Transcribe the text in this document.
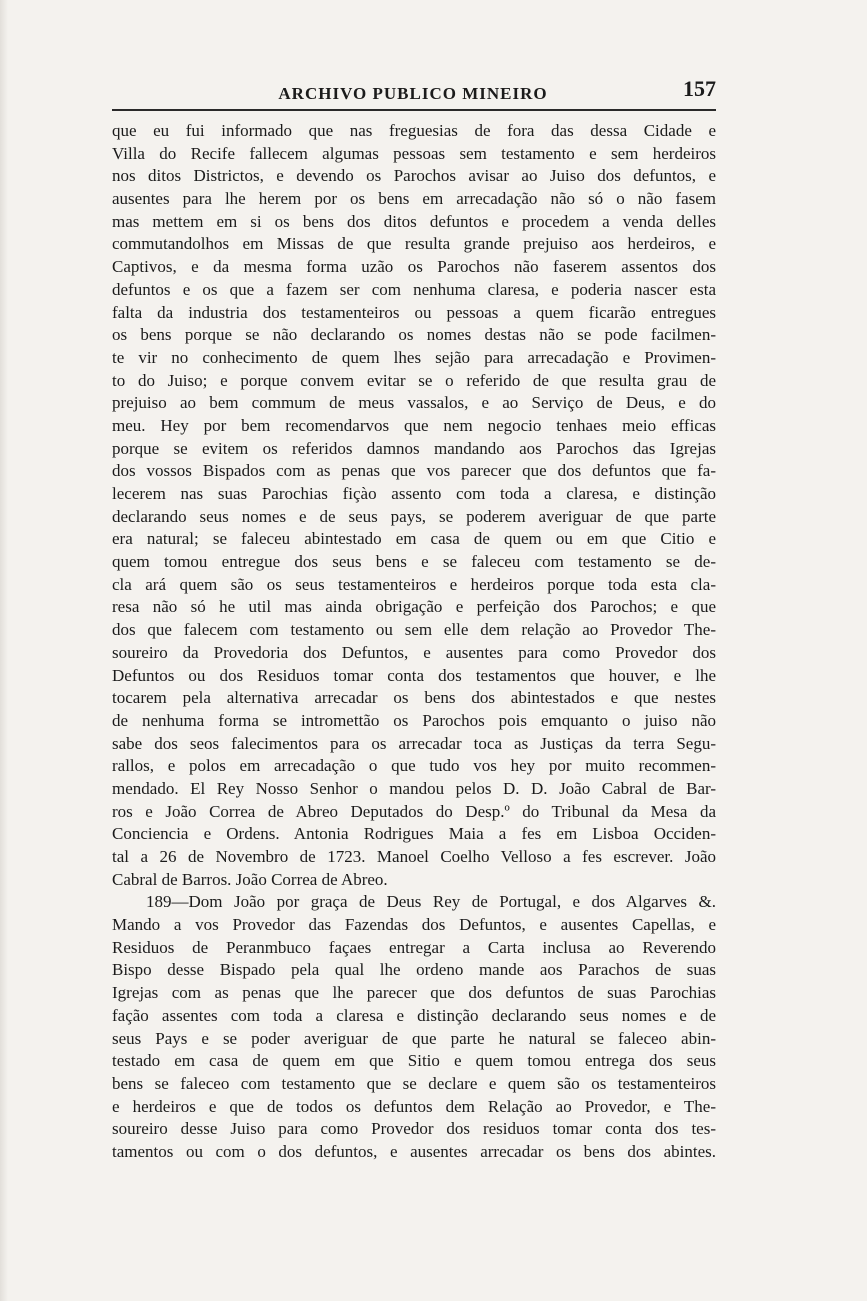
ARCHIVO PUBLICO MINEIRO	157
que eu fui informado que nas freguesias de fora das dessa Cidade e
Villa do Recife fallecem algumas pessoas sem testamento e sem herdeiros
nos ditos Districtos, e devendo os Parochos avisar ao Juiso dos defuntos, e
ausentes para lhe herem por os bens em arrecadação não só o não fasem
mas mettem em si os bens dos ditos defuntos e procedem a venda delles
commutandolhos em Missas de que resulta grande prejuiso aos herdeiros, e
Captivos, e da mesma forma uzão os Parochos não faserem assentos dos
defuntos e os que a fazem ser com nenhuma claresa, e poderia nascer esta
falta da industria dos testamenteiros ou pessoas a quem ficarão entregues
os bens porque se não declarando os nomes destas não se pode facilmen-
te vir no conhecimento de quem lhes sejão para arrecadação e Provimen-
to do Juiso; e porque convem evitar se o referido de que resulta grau de
prejuiso ao bem commum de meus vassalos, e ao Serviço de Deus, e do
meu. Hey por bem recomendarvos que nem negocio tenhaes meio efficas
porque se evitem os referidos damnos mandando aos Parochos das Igrejas
dos vossos Bispados com as penas que vos parecer que dos defuntos que fa-
lecerem nas suas Parochias fiçào assento com toda a claresa, e distinção
declarando seus nomes e de seus pays, se poderem averiguar de que parte
era natural; se faleceu abintestado em casa de quem ou em que Citio e
quem tomou entregue dos seus bens e se faleceu com testamento se de-
cla ará quem são os seus testamenteiros e herdeiros porque toda esta cla-
resa não só he util mas ainda obrigação e perfeição dos Parochos; e que
dos que falecem com testamento ou sem elle dem relação ao Provedor The-
soureiro da Provedoria dos Defuntos, e ausentes para como Provedor dos
Defuntos ou dos Residuos tomar conta dos testamentos que houver, e lhe
tocarem pela alternativa arrecadar os bens dos abintestados e que nestes
de nenhuma forma se intromettão os Parochos pois emquanto o juiso não
sabe dos seos falecimentos para os arrecadar toca as Justiças da terra Segu-
rallos, e polos em arrecadação o que tudo vos hey por muito recommen-
mendado. El Rey Nosso Senhor o mandou pelos D. D. João Cabral de Bar-
ros e João Correa de Abreo Deputados do Desp.º do Tribunal da Mesa da
Conciencia e Ordens. Antonia Rodrigues Maia a fes em Lisboa Occiden-
tal a 26 de Novembro de 1723. Manoel Coelho Velloso a fes escrever. João
Cabral de Barros. João Correa de Abreo.
189—Dom João por graça de Deus Rey de Portugal, e dos Algarves &.
Mando a vos Provedor das Fazendas dos Defuntos, e ausentes Capellas, e
Residuos de Peranmbuco façaes entregar a Carta inclusa ao Reverendo
Bispo desse Bispado pela qual lhe ordeno mande aos Parachos de suas
Igrejas com as penas que lhe parecer que dos defuntos de suas Parochias
fação assentes com toda a claresa e distinção declarando seus nomes e de
seus Pays e se poder averiguar de que parte he natural se faleceo abin-
testado em casa de quem em que Sitio e quem tomou entrega dos seus
bens se faleceo com testamento que se declare e quem são os testamenteiros
e herdeiros e que de todos os defuntos dem Relação ao Provedor, e The-
soureiro desse Juiso para como Provedor dos residuos tomar conta dos tes-
tamentos ou com o dos defuntos, e ausentes arrecadar os bens dos abintes.
